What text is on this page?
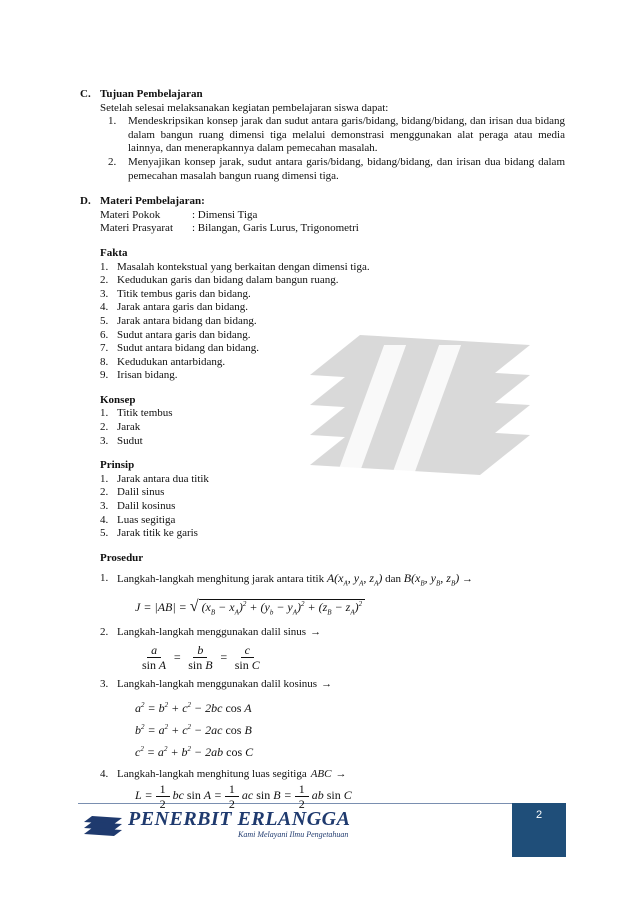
C. Tujuan Pembelajaran
Setelah selesai melaksanakan kegiatan pembelajaran siswa dapat:
1.	Mendeskripsikan konsep jarak dan sudut antara garis/bidang, bidang/bidang, dan irisan dua bidang dalam bangun ruang dimensi tiga melalui demonstrasi menggunakan alat peraga atau media lainnya, dan menerapkannya dalam pemecahan masalah.
2.	Menyajikan konsep jarak, sudut antara garis/bidang, bidang/bidang, dan irisan dua bidang dalam pemecahan masalah bangun ruang dimensi tiga.
D. Materi Pembelajaran:
Materi Pokok	: Dimensi Tiga
Materi Prasyarat	: Bilangan, Garis Lurus, Trigonometri
Fakta
1. Masalah kontekstual yang berkaitan dengan dimensi tiga.
2. Kedudukan garis dan bidang dalam bangun ruang.
3. Titik tembus garis dan bidang.
4. Jarak antara garis dan bidang.
5. Jarak antara bidang dan bidang.
6. Sudut antara garis dan bidang.
7. Sudut antara bidang dan bidang.
8. Kedudukan antarbidang.
9. Irisan bidang.
Konsep
1. Titik tembus
2. Jarak
3. Sudut
Prinsip
1. Jarak antara dua titik
2. Dalil sinus
3. Dalil kosinus
4. Luas segitiga
5. Jarak titik ke garis
Prosedur
1. Langkah-langkah menghitung jarak antara titik $A(x_A$, $y_A$, $z_A$) dan $B(x_B$, $y_B$, $z_B$) →
J = |AB| = √ $(x_B - x_A)^2 + (y_b - y_A)^2 + (z_B - z_A)^2$
2. Langkah-langkah menggunakan dalil sinus →
$\frac{a}{\text{sin A}} = \frac{b}{\text{sin B}} = \frac{c}{\text{sin C}}$
3. Langkah-langkah menggunakan dalil kosinus →
$a^2 = b^2 + c^2 - 2bc$ cos A
$b^2 = a^2 + c^2 - 2ac$ cos B
$c^2 = a^2 + b^2 - 2ab$ cos C
4. Langkah-langkah menghitung luas segitiga ABC →
$L = \frac{1}{2}$ bc $\sin A = \frac{1}{2}$ ac $\sin B = \frac{1}{2}$ ab sin C
PENERBIT ERLANGGA
Kami Melayani Ilmu Pengetahuan
2
